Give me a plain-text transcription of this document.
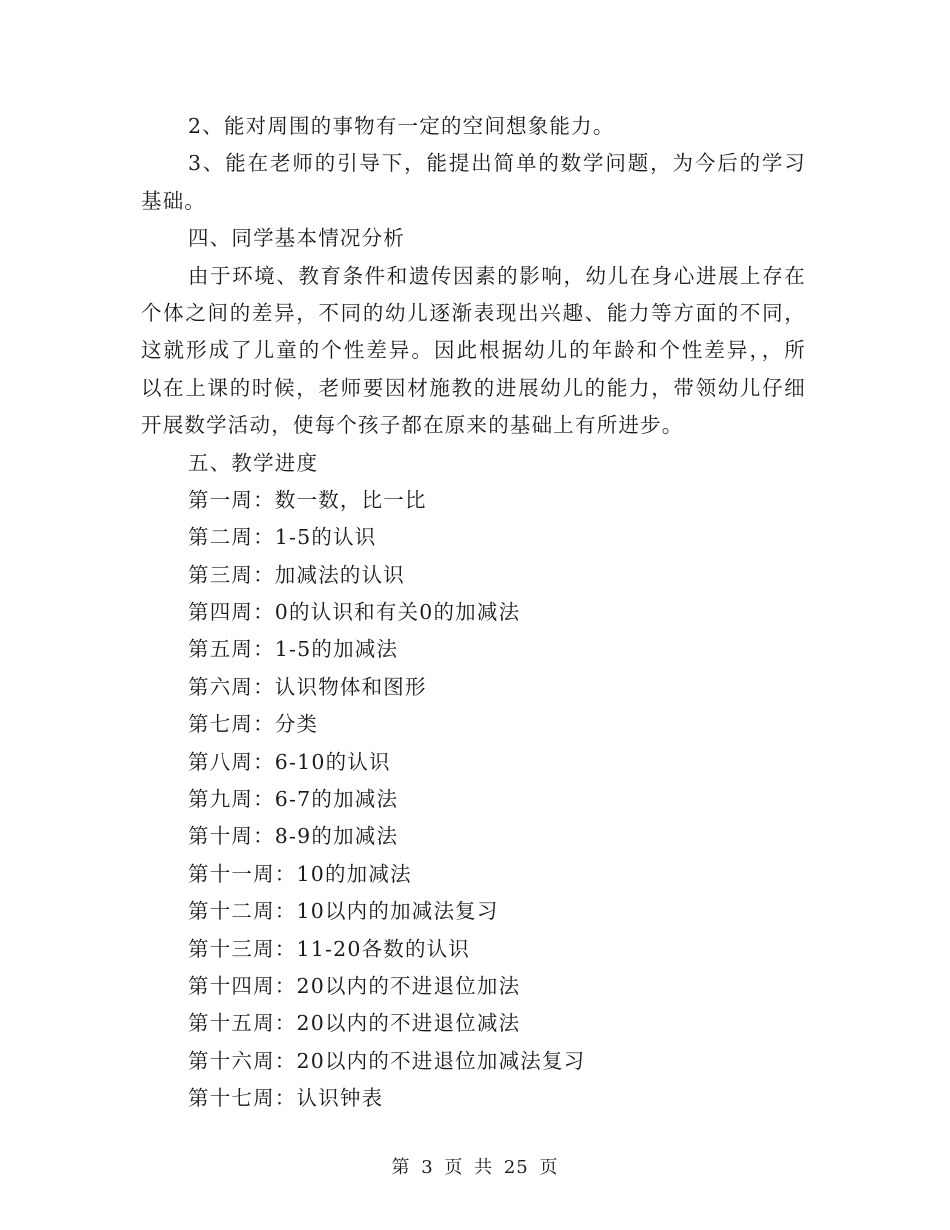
2、能对周围的事物有一定的空间想象能力。
3、能在老师的引导下，能提出简单的数学问题，为今后的学习
基础。
四、同学基本情况分析
由于环境、教育条件和遗传因素的影响，幼儿在身心进展上存在
个体之间的差异，不同的幼儿逐渐表现出兴趣、能力等方面的不同，
这就形成了儿童的个性差异。因此根据幼儿的年龄和个性差异，，所
以在上课的时候，老师要因材施教的进展幼儿的能力，带领幼儿仔细
开展数学活动，使每个孩子都在原来的基础上有所进步。
五、教学进度
第一周：数一数，比一比
第二周：1-5的认识
第三周：加减法的认识
第四周：0的认识和有关0的加减法
第五周：1-5的加减法
第六周：认识物体和图形
第七周：分类
第八周：6-10的认识
第九周：6-7的加减法
第十周：8-9的加减法
第十一周：10的加减法
第十二周：10以内的加减法复习
第十三周：11-20各数的认识
第十四周：20以内的不进退位加法
第十五周：20以内的不进退位减法
第十六周：20以内的不进退位加减法复习
第十七周：认识钟表
第 3 页 共 25 页
